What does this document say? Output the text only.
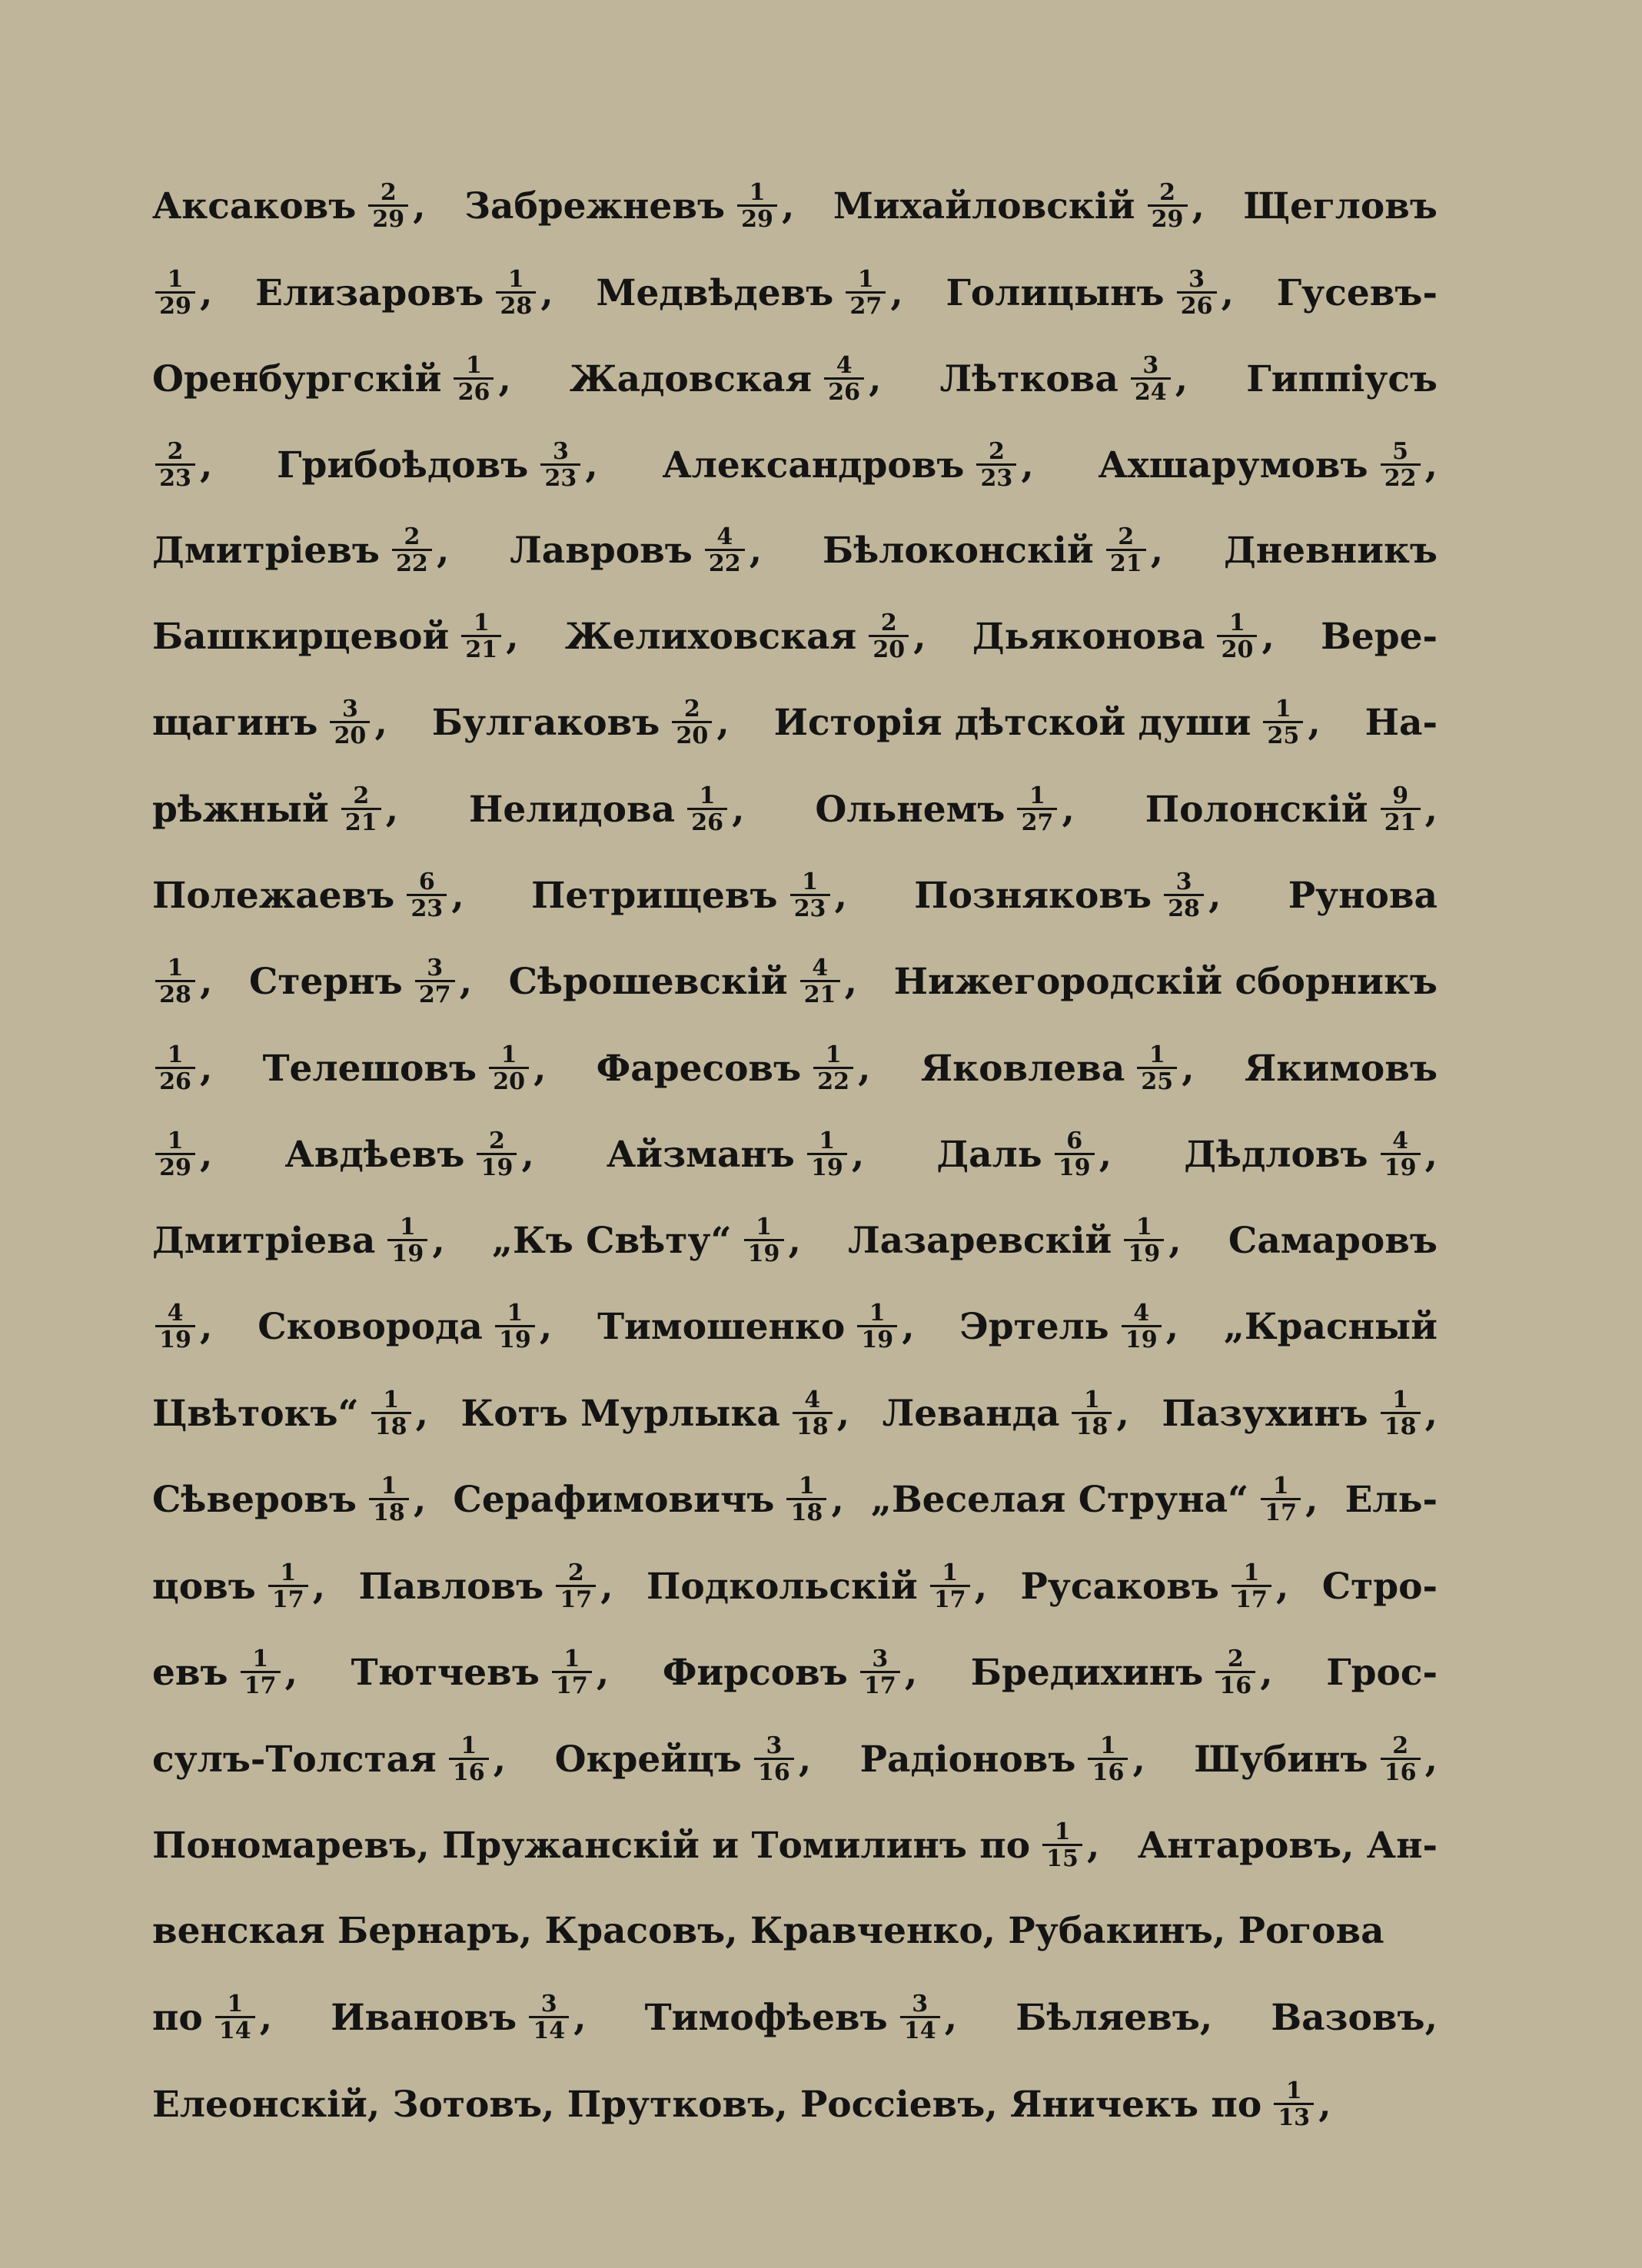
Аксаковъ $\frac{2}{29}$ , Забрежневъ $\frac{1}{29}$ , Михайловскій $\frac{2}{29}$ , Щегловъ
$\frac{1}{29}$ , Елизаровъ $\frac{1}{28}$ , Медвѣдевъ $\frac{1}{27}$ , Голицынъ $\frac{3}{26}$ , Гусевъ-
Оренбургскій $\frac{1}{26}$ , Жадовская $\frac{4}{26}$ , Лѣткова $\frac{3}{24}$ , Гиппіусъ
$\frac{2}{23}$ , Грибоѣдовъ $\frac{3}{23}$ , Александровъ $\frac{2}{23}$ , Ахшарумовъ $\frac{5}{22}$ ,
Дмитріевъ $\frac{2}{22}$ , Лавровъ $\frac{4}{22}$ , Бѣлоконскій $\frac{2}{21}$ , Дневникъ
Башкирцевой $\frac{1}{21}$ , Желиховская $\frac{2}{20}$ , Дьяконова $\frac{1}{20}$ , Вере-
щагинъ $\frac{3}{20}$ , Булгаковъ $\frac{2}{20}$ , Исторія дѣтской души $\frac{1}{25}$ , На-
рѣжный $\frac{2}{21}$ , Нелидова $\frac{1}{26}$ , Ольнемъ $\frac{1}{27}$ , Полонскій $\frac{9}{21}$ ,
Полежаевъ $\frac{6}{23}$ , Петрищевъ $\frac{1}{23}$ , Позняковъ $\frac{3}{28}$ , Рунова
$\frac{1}{28}$ , Стернъ $\frac{3}{27}$ , Сѣрошевскій $\frac{4}{21}$ , Нижегородскій сборникъ
$\frac{1}{26}$ , Телешовъ $\frac{1}{20}$ , Фаресовъ $\frac{1}{22}$ , Яковлева $\frac{1}{25}$ , Якимовъ
$\frac{1}{29}$ , Авдѣевъ $\frac{2}{19}$ , Айзманъ $\frac{1}{19}$ , Даль $\frac{6}{19}$ , Дѣдловъ $\frac{4}{19}$ ,
Дмитріева $\frac{1}{19}$ , „Къ Свѣту“ $\frac{1}{19}$ , Лазаревскій $\frac{1}{19}$ , Самаровъ
$\frac{4}{19}$ , Сковорода $\frac{1}{19}$ , Тимошенко $\frac{1}{19}$ , Эртель $\frac{4}{19}$ , „Красный
Цвѣтокъ“ $\frac{1}{18}$ , Котъ Мурлыка $\frac{4}{18}$ , Леванда $\frac{1}{18}$ , Пазухинъ $\frac{1}{18}$ ,
Сѣверовъ $\frac{1}{18}$ , Серафимовичъ $\frac{1}{18}$ , „Веселая Струна“ $\frac{1}{17}$ , Ель-
цовъ $\frac{1}{17}$ , Павловъ $\frac{2}{17}$ , Подкольскій $\frac{1}{17}$ , Русаковъ $\frac{1}{17}$ , Стро-
евъ $\frac{1}{17}$ , Тютчевъ $\frac{1}{17}$ , Фирсовъ $\frac{3}{17}$ , Бредихинъ $\frac{2}{16}$ , Грос-
сулъ-Толстая $\frac{1}{16}$ , Окрейцъ $\frac{3}{16}$ , Радіоновъ $\frac{1}{16}$ , Шубинъ $\frac{2}{16}$ ,
Пономаревъ, Пружанскій и Томилинъ по $\frac{1}{15}$ , Антаровъ, Ан-
венская Бернаръ, Красовъ, Кравченко, Рубакинъ, Рогова
по $\frac{1}{14}$ , Ивановъ $\frac{3}{14}$ , Тимофѣевъ $\frac{3}{14}$ , Бѣляевъ, Вазовъ,
Елеонскій, Зотовъ, Прутковъ, Россіевъ, Яничекъ по $\frac{1}{13}$ ,
